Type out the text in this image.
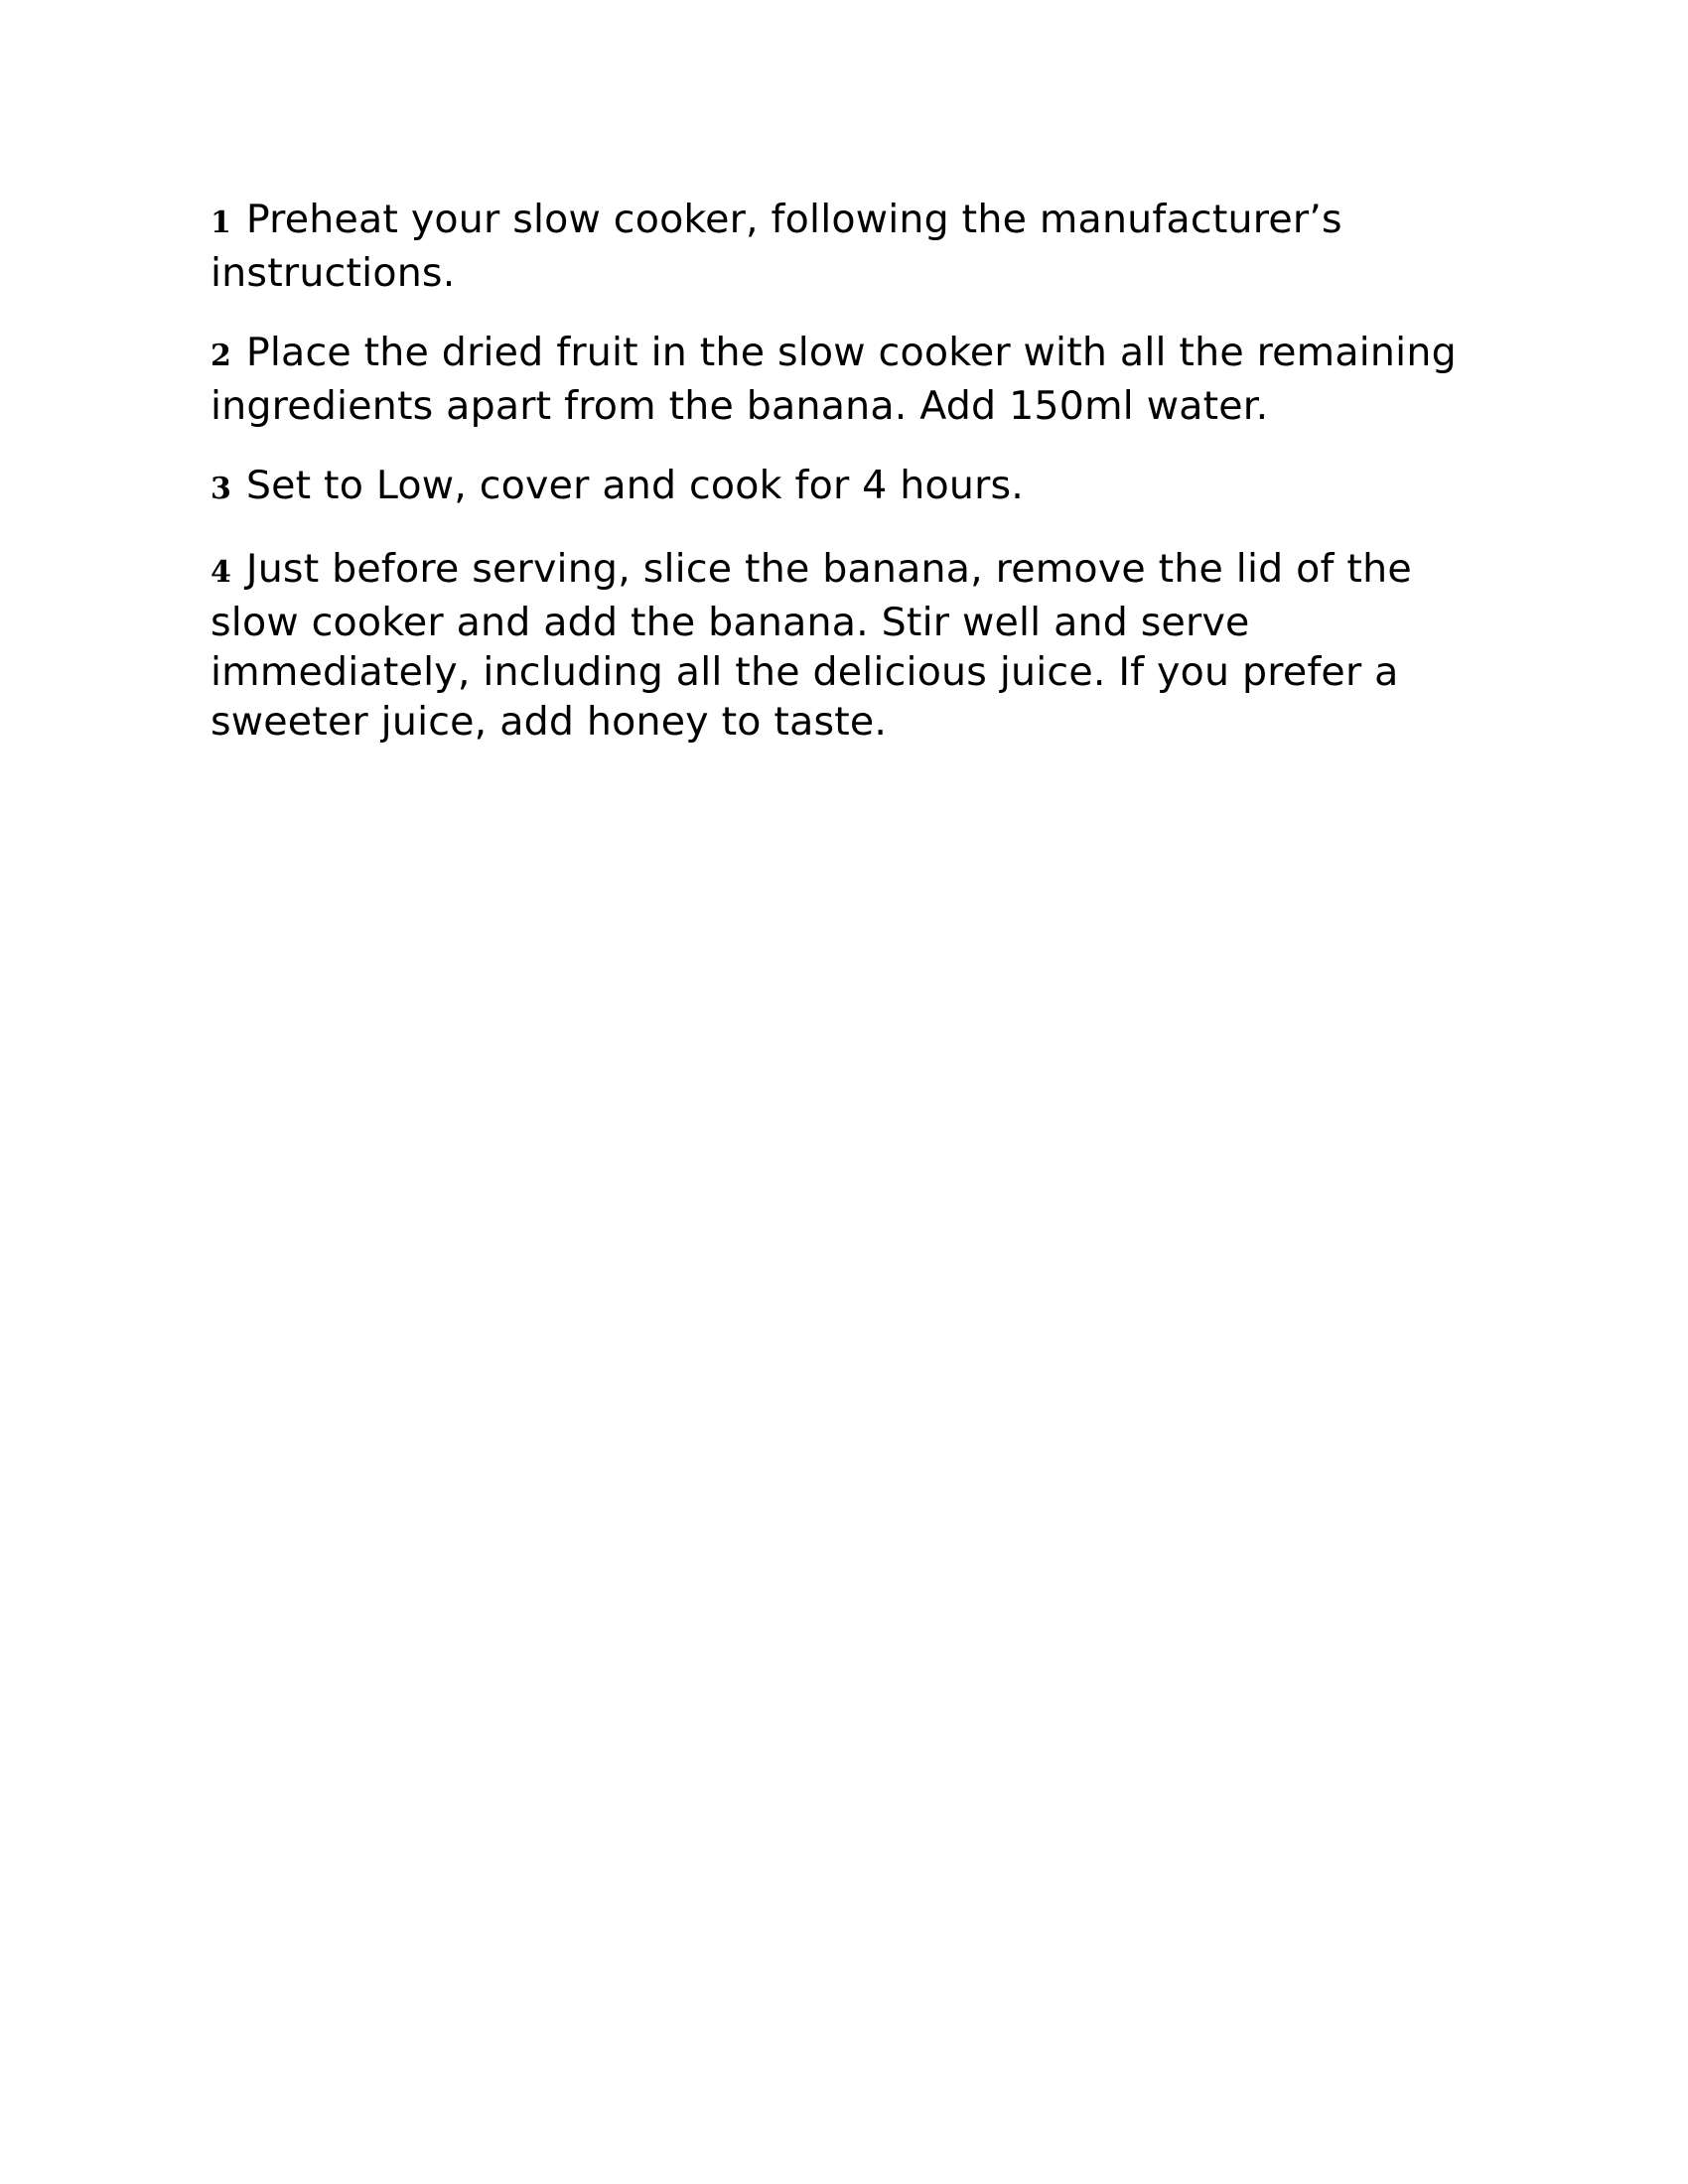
1 Preheat your slow cooker, following the manufacturer’s instructions.

2 Place the dried fruit in the slow cooker with all the remaining ingredients apart from the banana. Add 150ml water.

3 Set to Low, cover and cook for 4 hours.

4 Just before serving, slice the banana, remove the lid of the slow cooker and add the banana. Stir well and serve immediately, including all the delicious juice. If you prefer a sweeter juice, add honey to taste.
